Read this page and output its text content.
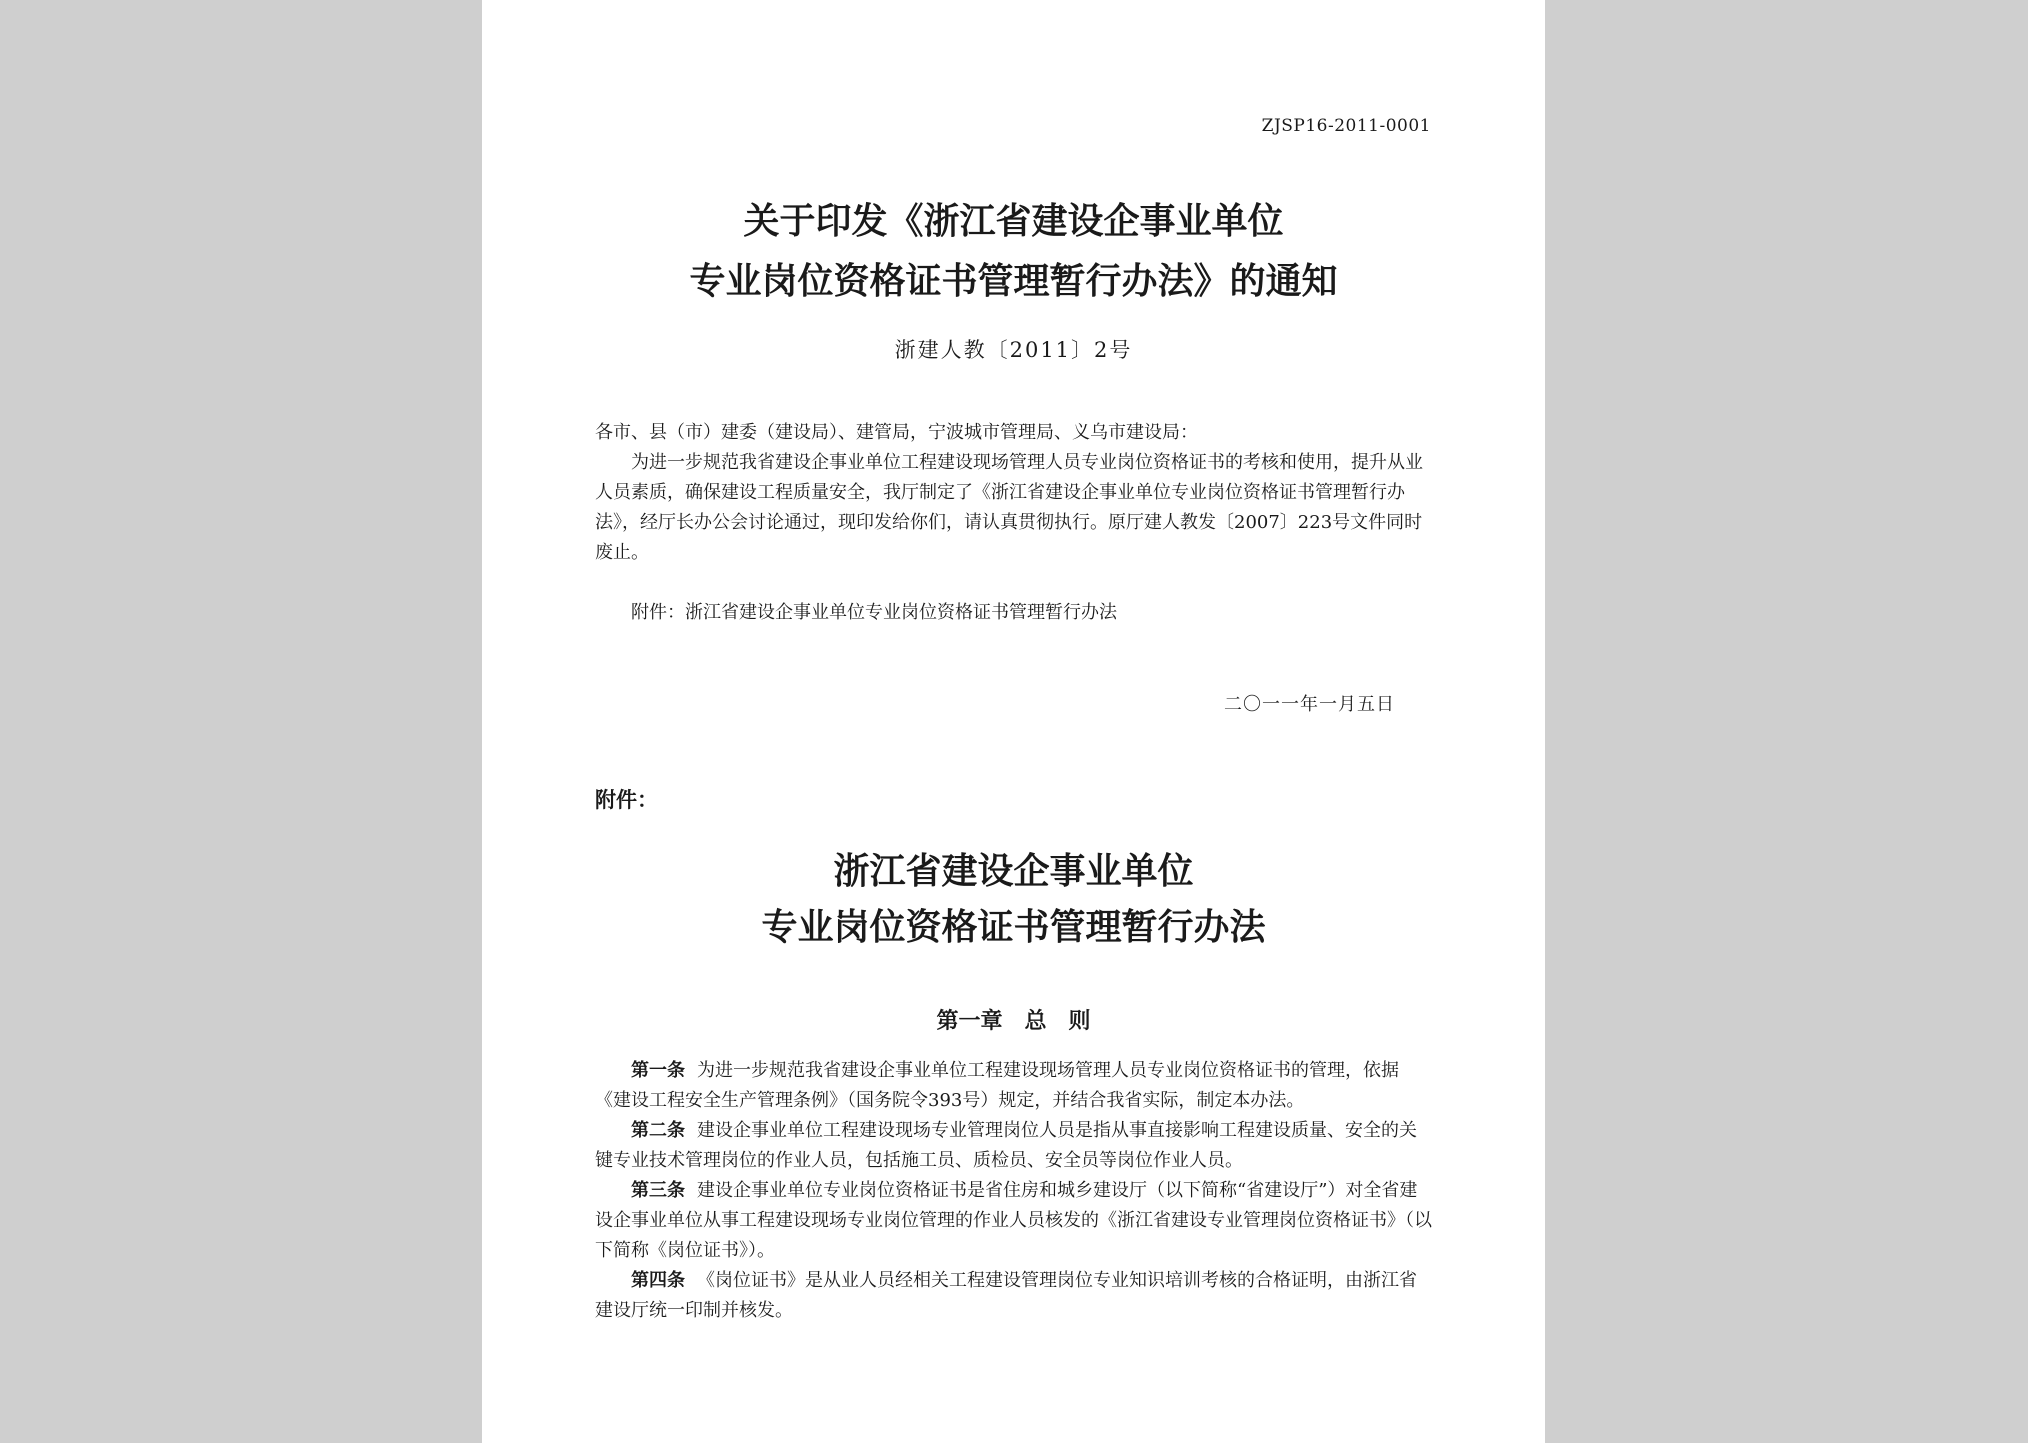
ZJSP16-2011-0001
关于印发《浙江省建设企事业单位
专业岗位资格证书管理暂行办法》的通知
浙建人教〔2011〕2号
各市、县（市）建委（建设局）、建管局，宁波城市管理局、义乌市建设局：
为进一步规范我省建设企事业单位工程建设现场管理人员专业岗位资格证书的考核和使用，提升从业人员素质，确保建设工程质量安全，我厅制定了《浙江省建设企事业单位专业岗位资格证书管理暂行办法》，经厅长办公会讨论通过，现印发给你们，请认真贯彻执行。原厅建人教发〔2007〕223号文件同时废止。
附件：浙江省建设企事业单位专业岗位资格证书管理暂行办法
二〇一一年一月五日
附件：
浙江省建设企事业单位
专业岗位资格证书管理暂行办法
第一章　总　则
第一条 为进一步规范我省建设企事业单位工程建设现场管理人员专业岗位资格证书的管理，依据《建设工程安全生产管理条例》（国务院令393号）规定，并结合我省实际，制定本办法。
第二条 建设企事业单位工程建设现场专业管理岗位人员是指从事直接影响工程建设质量、安全的关键专业技术管理岗位的作业人员，包括施工员、质检员、安全员等岗位作业人员。
第三条 建设企事业单位专业岗位资格证书是省住房和城乡建设厅（以下简称“省建设厅”）对全省建设企事业单位从事工程建设现场专业岗位管理的作业人员核发的《浙江省建设专业管理岗位资格证书》（以下简称《岗位证书》）。
第四条 《岗位证书》是从业人员经相关工程建设管理岗位专业知识培训考核的合格证明，由浙江省建设厅统一印制并核发。
